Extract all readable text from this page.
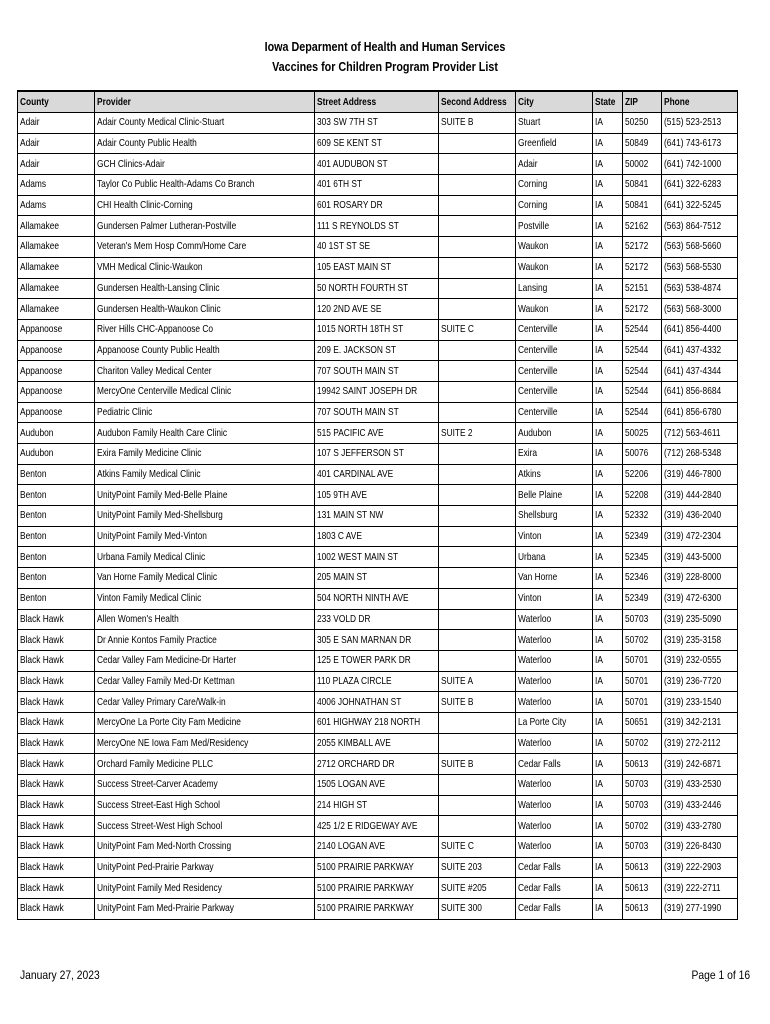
Iowa Deparment of Health and Human Services
Vaccines for Children Program Provider List
County	Provider	Street Address	Second Address	City	State	ZIP	Phone
Adair	Adair County Medical Clinic-Stuart	303 SW 7TH ST	SUITE B	Stuart	IA	50250	(515) 523-2513
Adair	Adair County Public Health	609 SE KENT ST		Greenfield	IA	50849	(641) 743-6173
Adair	GCH Clinics-Adair	401 AUDUBON ST		Adair	IA	50002	(641) 742-1000
Adams	Taylor Co Public Health-Adams Co Branch	401 6TH ST		Corning	IA	50841	(641) 322-6283
Adams	CHI Health Clinic-Corning	601 ROSARY DR		Corning	IA	50841	(641) 322-5245
Allamakee	Gundersen Palmer Lutheran-Postville	111 S REYNOLDS ST		Postville	IA	52162	(563) 864-7512
Allamakee	Veteran's Mem Hosp Comm/Home Care	40 1ST ST SE		Waukon	IA	52172	(563) 568-5660
Allamakee	VMH Medical Clinic-Waukon	105 EAST MAIN ST		Waukon	IA	52172	(563) 568-5530
Allamakee	Gundersen Health-Lansing Clinic	50 NORTH FOURTH ST		Lansing	IA	52151	(563) 538-4874
Allamakee	Gundersen Health-Waukon Clinic	120 2ND AVE SE		Waukon	IA	52172	(563) 568-3000
Appanoose	River Hills CHC-Appanoose Co	1015 NORTH 18TH ST	SUITE C	Centerville	IA	52544	(641) 856-4400
Appanoose	Appanoose County Public Health	209 E. JACKSON ST		Centerville	IA	52544	(641) 437-4332
Appanoose	Chariton Valley Medical Center	707 SOUTH MAIN ST		Centerville	IA	52544	(641) 437-4344
Appanoose	MercyOne Centerville Medical Clinic	19942 SAINT JOSEPH DR		Centerville	IA	52544	(641) 856-8684
Appanoose	Pediatric Clinic	707 SOUTH MAIN ST		Centerville	IA	52544	(641) 856-6780
Audubon	Audubon Family Health Care Clinic	515 PACIFIC AVE	SUITE 2	Audubon	IA	50025	(712) 563-4611
Audubon	Exira Family Medicine Clinic	107 S JEFFERSON ST		Exira	IA	50076	(712) 268-5348
Benton	Atkins Family Medical Clinic	401 CARDINAL AVE		Atkins	IA	52206	(319) 446-7800
Benton	UnityPoint Family Med-Belle Plaine	105 9TH AVE		Belle Plaine	IA	52208	(319) 444-2840
Benton	UnityPoint Family Med-Shellsburg	131 MAIN ST NW		Shellsburg	IA	52332	(319) 436-2040
Benton	UnityPoint Family Med-Vinton	1803 C AVE		Vinton	IA	52349	(319) 472-2304
Benton	Urbana Family Medical Clinic	1002 WEST MAIN ST		Urbana	IA	52345	(319) 443-5000
Benton	Van Horne Family Medical Clinic	205 MAIN ST		Van Horne	IA	52346	(319) 228-8000
Benton	Vinton Family Medical Clinic	504 NORTH NINTH AVE		Vinton	IA	52349	(319) 472-6300
Black Hawk	Allen Women's Health	233 VOLD DR		Waterloo	IA	50703	(319) 235-5090
Black Hawk	Dr Annie Kontos Family Practice	305 E SAN MARNAN DR		Waterloo	IA	50702	(319) 235-3158
Black Hawk	Cedar Valley Fam Medicine-Dr Harter	125 E TOWER PARK DR		Waterloo	IA	50701	(319) 232-0555
Black Hawk	Cedar Valley Family Med-Dr Kettman	110 PLAZA CIRCLE	SUITE A	Waterloo	IA	50701	(319) 236-7720
Black Hawk	Cedar Valley Primary Care/Walk-in	4006 JOHNATHAN ST	SUITE B	Waterloo	IA	50701	(319) 233-1540
Black Hawk	MercyOne La Porte City Fam Medicine	601 HIGHWAY 218 NORTH		La Porte City	IA	50651	(319) 342-2131
Black Hawk	MercyOne NE Iowa Fam Med/Residency	2055 KIMBALL AVE		Waterloo	IA	50702	(319) 272-2112
Black Hawk	Orchard Family Medicine PLLC	2712 ORCHARD DR	SUITE B	Cedar Falls	IA	50613	(319) 242-6871
Black Hawk	Success Street-Carver Academy	1505 LOGAN AVE		Waterloo	IA	50703	(319) 433-2530
Black Hawk	Success Street-East High School	214 HIGH ST		Waterloo	IA	50703	(319) 433-2446
Black Hawk	Success Street-West High School	425 1/2 E RIDGEWAY AVE		Waterloo	IA	50702	(319) 433-2780
Black Hawk	UnityPoint Fam Med-North Crossing	2140 LOGAN AVE	SUITE C	Waterloo	IA	50703	(319) 226-8430
Black Hawk	UnityPoint Ped-Prairie Parkway	5100 PRAIRIE PARKWAY	SUITE 203	Cedar Falls	IA	50613	(319) 222-2903
Black Hawk	UnityPoint Family Med Residency	5100 PRAIRIE PARKWAY	SUITE #205	Cedar Falls	IA	50613	(319) 222-2711
Black Hawk	UnityPoint Fam Med-Prairie Parkway	5100 PRAIRIE PARKWAY	SUITE 300	Cedar Falls	IA	50613	(319) 277-1990
January 27, 2023	Page 1 of 16
